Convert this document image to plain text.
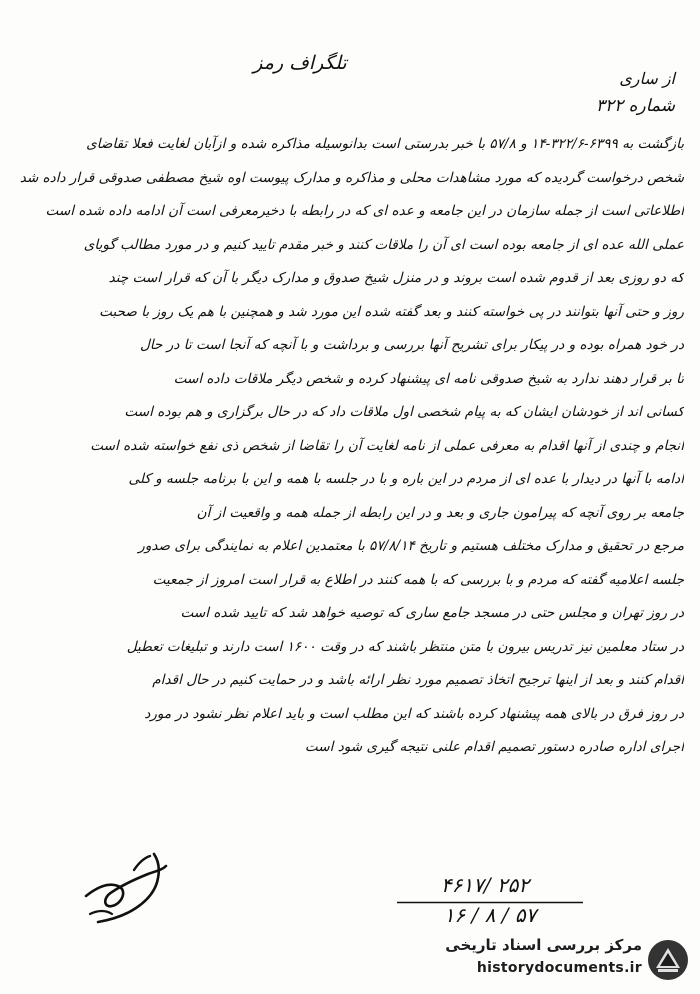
تلگراف رمز
از ساری
شماره ۳۲۲
بازگشت به ۶۳۹۹-۳۲۲/۶-۱۴ و ۵۷/۸ با خبر بدرستی است بدانوسیله مذاکره شده و ازآبان لغایت فعلا تقاضای
شخص درخواست گردیده که مورد مشاهدات محلی و مذاکره و مدارک پیوست اوه شیخ مصطفی صدوقی قرار داده شد
اطلاعاتی است از جمله سازمان در این جامعه و عده ای که در رابطه با دخیرمعرفی است آن ادامه داده شده است
عملی الله عده ای از جامعه بوده است ای آن را ملاقات کنند و خبر مقدم تایید کنیم و در مورد مطالب گویای
که دو روزی بعد از قدوم شده است بروند و در منزل شیخ صدوق و مدارک دیگر با آن که قرار است چند
روز و حتی آنها بتوانند در پی خواسته کنند و بعد گفته شده این مورد شد و همچنین با هم یک روز با صحبت
در خود همراه بوده و در پیکار برای تشریح آنها بررسی و برداشت و با آنچه که آنجا است تا در حال
تا بر قرار دهند ندارد به شیخ صدوقی نامه ای پیشنهاد کرده و شخص دیگر ملاقات داده است
کسانی اند از خودشان ایشان که به پیام شخصی اول ملاقات داد که در حال برگزاری و هم بوده است
انجام و چندی از آنها اقدام به معرفی عملی از نامه لغایت آن را تقاضا از شخص ذی نفع خواسته شده است
ادامه با آنها در دیدار با عده ای از مردم در این باره و با در جلسه با همه و این با برنامه جلسه و کلی
جامعه بر روی آنچه که پیرامون جاری و بعد و در این رابطه از جمله همه و واقعیت از آن
مرجع در تحقیق و مدارک مختلف هستیم و تاریخ ۵۷/۸/۱۴ با معتمدین اعلام به نمایندگی برای صدور
جلسه اعلامیه گفته که مردم و با بررسی که با همه کنند در اطلاع به قرار است امروز از جمعیت
در روز تهران و مجلس حتی در مسجد جامع ساری که توصیه خواهد شد که تایید شده است
در ستاد معلمین نیز تدریس بیرون با متن منتظر باشند که در وقت ۱۶۰۰ است دارند و تبلیغات تعطیل
اقدام کنند و بعد از اینها ترجیح اتخاذ تصمیم مورد نظر ارائه باشد و در حمایت کنیم در حال اقدام
در روز فرق در بالای همه پیشنهاد کرده باشند که این مطلب است و باید اعلام نظر نشود در مورد
اجرای اداره صادره دستور تصمیم اقدام علنی نتیجه گیری شود است
۴۶۱۷/ ۲۵۲
۱۶ / ۸ / ۵۷
مرکز بررسی اسناد تاریخی
historydocuments.ir
